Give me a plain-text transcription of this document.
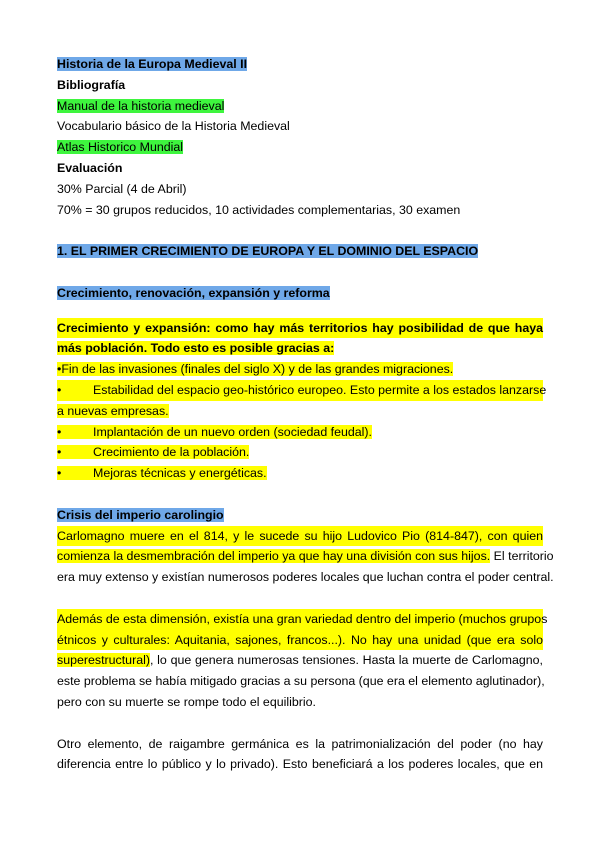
Historia de la Europa Medieval II
Bibliografía
Manual de la historia medieval
Vocabulario básico de la Historia Medieval
Atlas Historico Mundial
Evaluación
30% Parcial (4 de Abril)
70% = 30 grupos reducidos, 10 actividades complementarias, 30 examen
1. EL PRIMER CRECIMIENTO DE EUROPA Y EL DOMINIO DEL ESPACIO
Crecimiento, renovación, expansión y reforma
Crecimiento y expansión: como hay más territorios hay posibilidad de que haya
más población. Todo esto es posible gracias a:
•Fin de las invasiones (finales del siglo X) y de las grandes migraciones.
•	Estabilidad del espacio geo-histórico europeo. Esto permite a los estados lanzarse
a nuevas empresas.
•	Implantación de un nuevo orden (sociedad feudal).
•	Crecimiento de la población.
•	Mejoras técnicas y energéticas.
Crisis del imperio carolingio
Carlomagno muere en el 814, y le sucede su hijo Ludovico Pio (814-847), con quien
comienza la desmembración del imperio ya que hay una división con sus hijos. El territorio
era muy extenso y existían numerosos poderes locales que luchan contra el poder central.
Además de esta dimensión, existía una gran variedad dentro del imperio (muchos grupos
étnicos y culturales: Aquitania, sajones, francos...). No hay una unidad (que era solo
superestructural), lo que genera numerosas tensiones. Hasta la muerte de Carlomagno,
este problema se había mitigado gracias a su persona (que era el elemento aglutinador),
pero con su muerte se rompe todo el equilibrio.
Otro elemento, de raigambre germánica es la patrimonialización del poder (no hay
diferencia entre lo público y lo privado). Esto beneficiará a los poderes locales, que en
